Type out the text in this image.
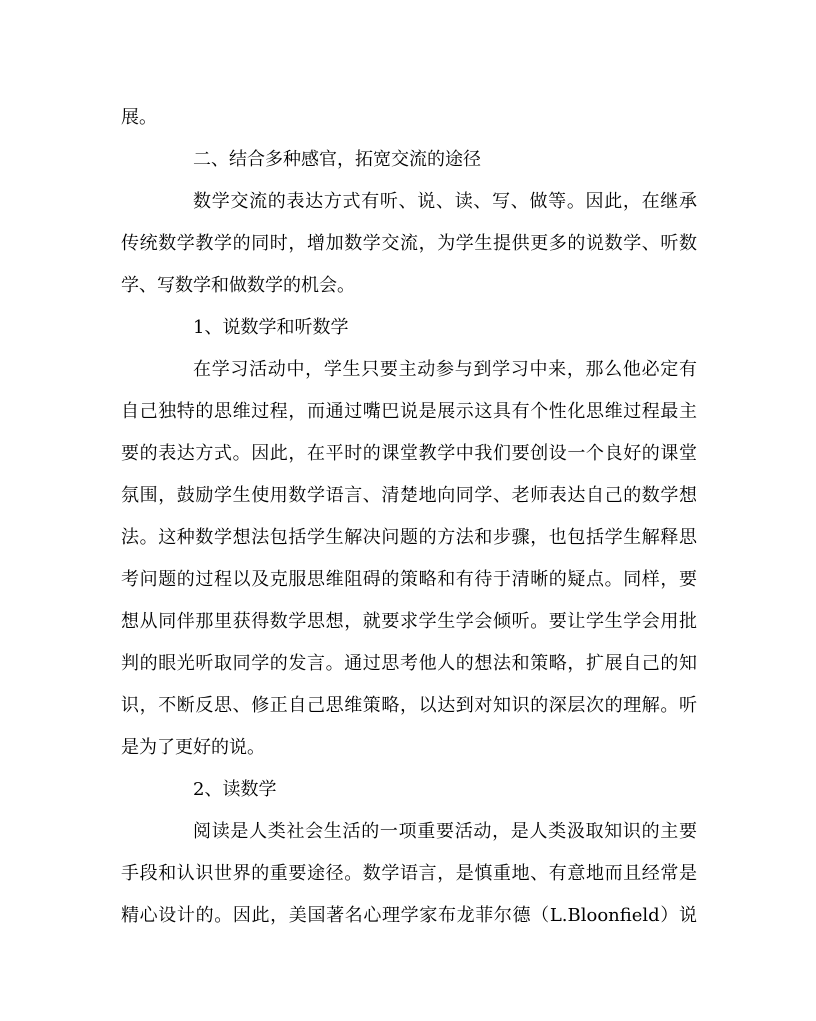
展。

二、结合多种感官，拓宽交流的途径

数学交流的表达方式有听、说、读、写、做等。因此，在继承

传统数学教学的同时，增加数学交流，为学生提供更多的说数学、听数

学、写数学和做数学的机会。

1、说数学和听数学

在学习活动中，学生只要主动参与到学习中来，那么他必定有

自己独特的思维过程，而通过嘴巴说是展示这具有个性化思维过程最主

要的表达方式。因此，在平时的课堂教学中我们要创设一个良好的课堂

氛围，鼓励学生使用数学语言、清楚地向同学、老师表达自己的数学想

法。这种数学想法包括学生解决问题的方法和步骤，也包括学生解释思

考问题的过程以及克服思维阻碍的策略和有待于清晰的疑点。同样，要

想从同伴那里获得数学思想，就要求学生学会倾听。要让学生学会用批

判的眼光听取同学的发言。通过思考他人的想法和策略，扩展自己的知

识，不断反思、修正自己思维策略，以达到对知识的深层次的理解。听

是为了更好的说。

2、读数学

阅读是人类社会生活的一项重要活动，是人类汲取知识的主要

手段和认识世界的重要途径。数学语言，是慎重地、有意地而且经常是

精心设计的。因此，美国著名心理学家布龙菲尔德（L.Bloonfield）说
